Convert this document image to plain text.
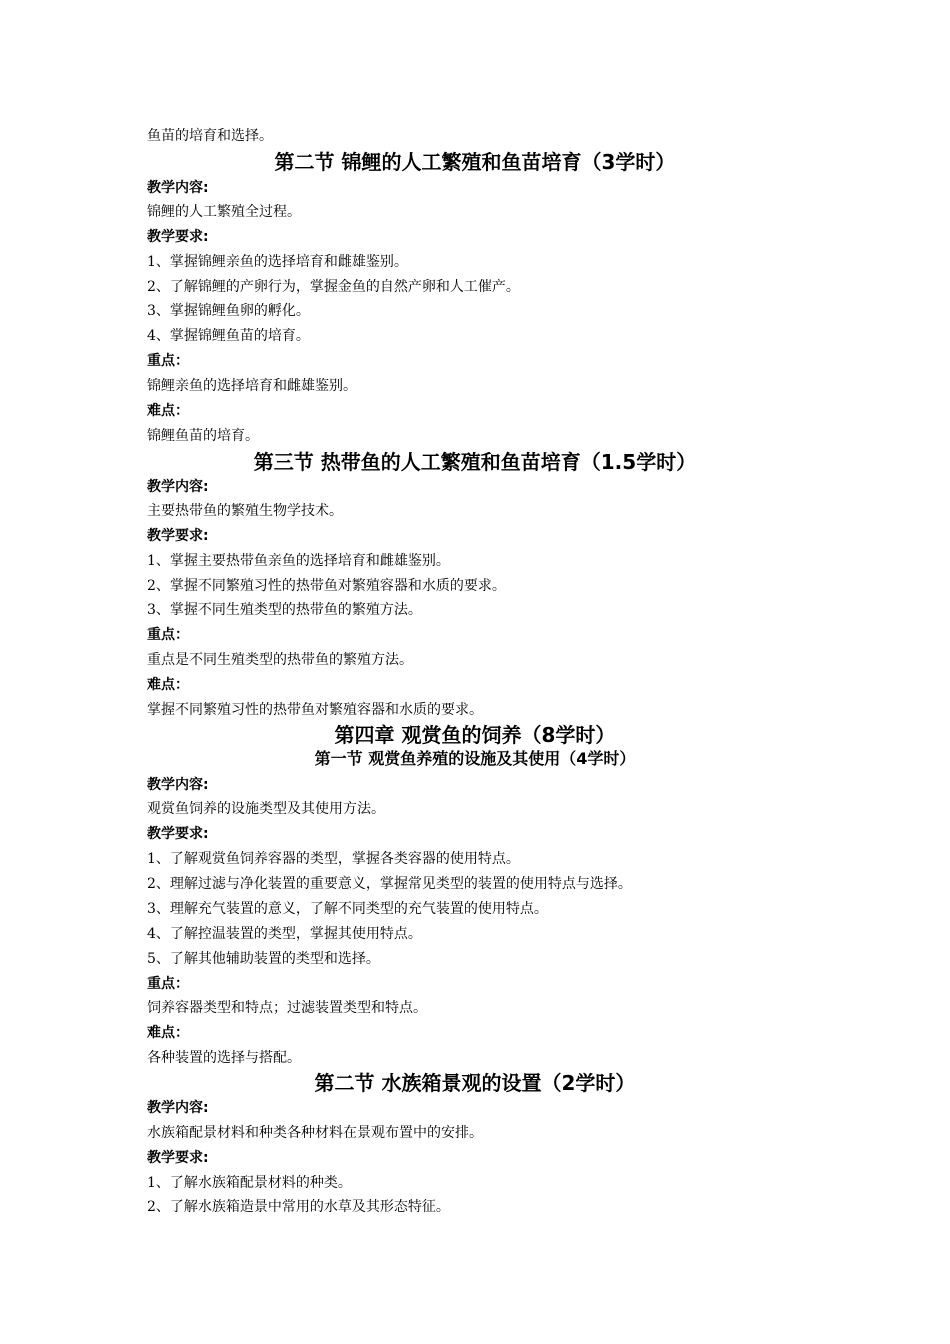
鱼苗的培育和选择。
第二节 锦鲤的人工繁殖和鱼苗培育（3学时）
教学内容:
锦鲤的人工繁殖全过程。
教学要求:
1、掌握锦鲤亲鱼的选择培育和雌雄鉴别。
2、了解锦鲤的产卵行为，掌握金鱼的自然产卵和人工催产。
3、掌握锦鲤鱼卵的孵化。
4、掌握锦鲤鱼苗的培育。
重点：
锦鲤亲鱼的选择培育和雌雄鉴别。
难点：
锦鲤鱼苗的培育。
第三节 热带鱼的人工繁殖和鱼苗培育（1.5学时）
教学内容:
主要热带鱼的繁殖生物学技术。
教学要求:
1、掌握主要热带鱼亲鱼的选择培育和雌雄鉴别。
2、掌握不同繁殖习性的热带鱼对繁殖容器和水质的要求。
3、掌握不同生殖类型的热带鱼的繁殖方法。
重点：
重点是不同生殖类型的热带鱼的繁殖方法。
难点：
掌握不同繁殖习性的热带鱼对繁殖容器和水质的要求。
第四章 观赏鱼的饲养（8学时）
第一节 观赏鱼养殖的设施及其使用（4学时）
教学内容:
观赏鱼饲养的设施类型及其使用方法。
教学要求:
1、了解观赏鱼饲养容器的类型，掌握各类容器的使用特点。
2、理解过滤与净化装置的重要意义，掌握常见类型的装置的使用特点与选择。
3、理解充气装置的意义，了解不同类型的充气装置的使用特点。
4、了解控温装置的类型，掌握其使用特点。
5、了解其他辅助装置的类型和选择。
重点：
饲养容器类型和特点；过滤装置类型和特点。
难点：
各种装置的选择与搭配。
第二节 水族箱景观的设置（2学时）
教学内容:
水族箱配景材料和种类各种材料在景观布置中的安排。
教学要求:
1、了解水族箱配景材料的种类。
2、了解水族箱造景中常用的水草及其形态特征。
